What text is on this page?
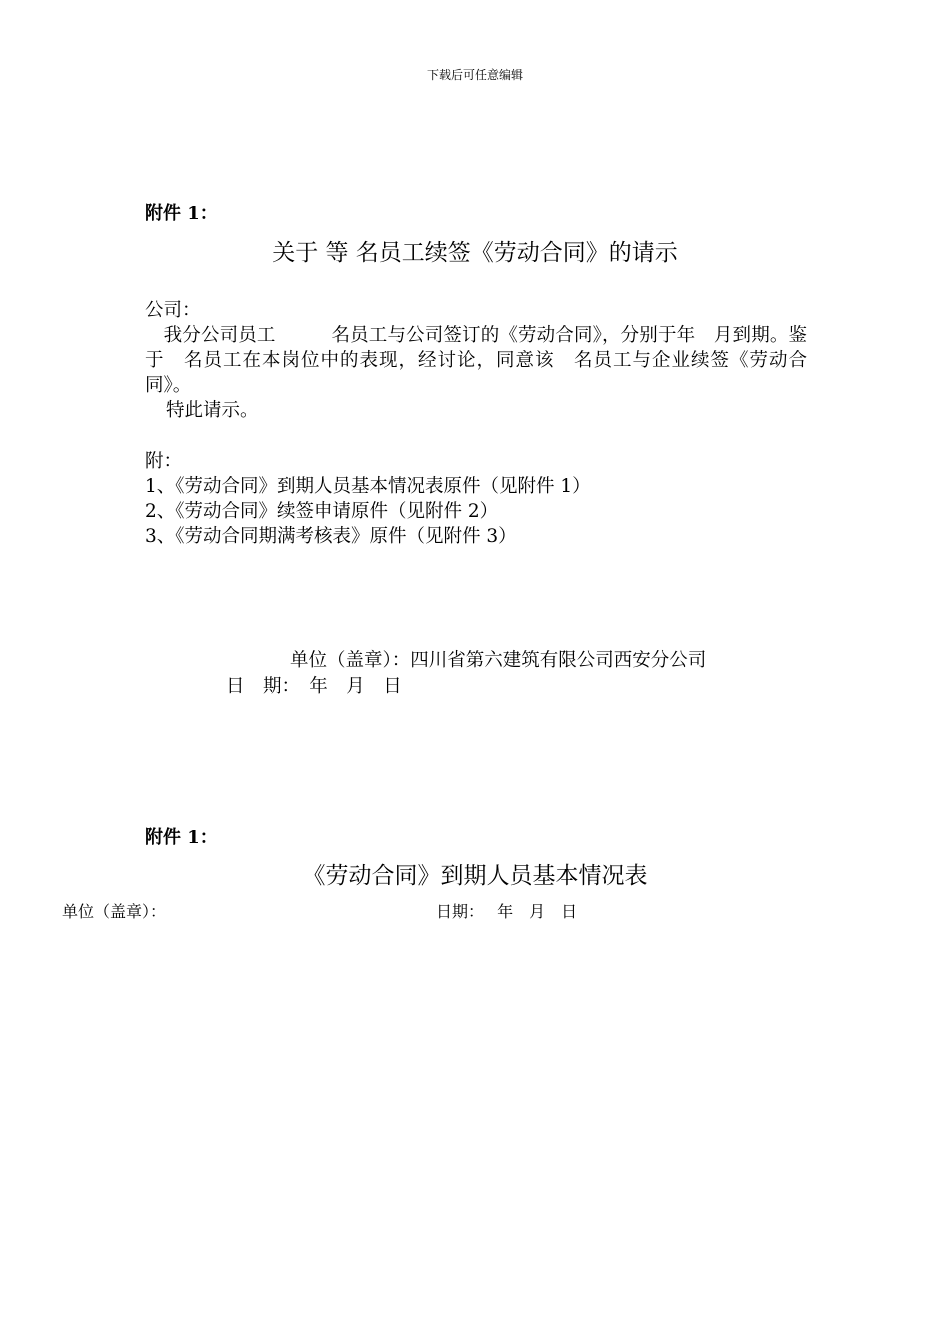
下载后可任意编辑
附件 1：
关于 等 名员工续签《劳动合同》的请示
公司：
　我分公司员工　　　名员工与公司签订的《劳动合同》，分别于年　月到期。鉴于　名员工在本岗位中的表现，经讨论，同意该　名员工与企业续签《劳动合同》。
特此请示。
附：
1、《劳动合同》到期人员基本情况表原件（见附件 1）
2、《劳动合同》续签申请原件（见附件 2）
3、《劳动合同期满考核表》原件（见附件 3）
单位（盖章）：四川省第六建筑有限公司西安分公司
日　期：　年　月　日
附件 1：
《劳动合同》到期人员基本情况表
单位（盖章）：	日期：　 年　月　日
